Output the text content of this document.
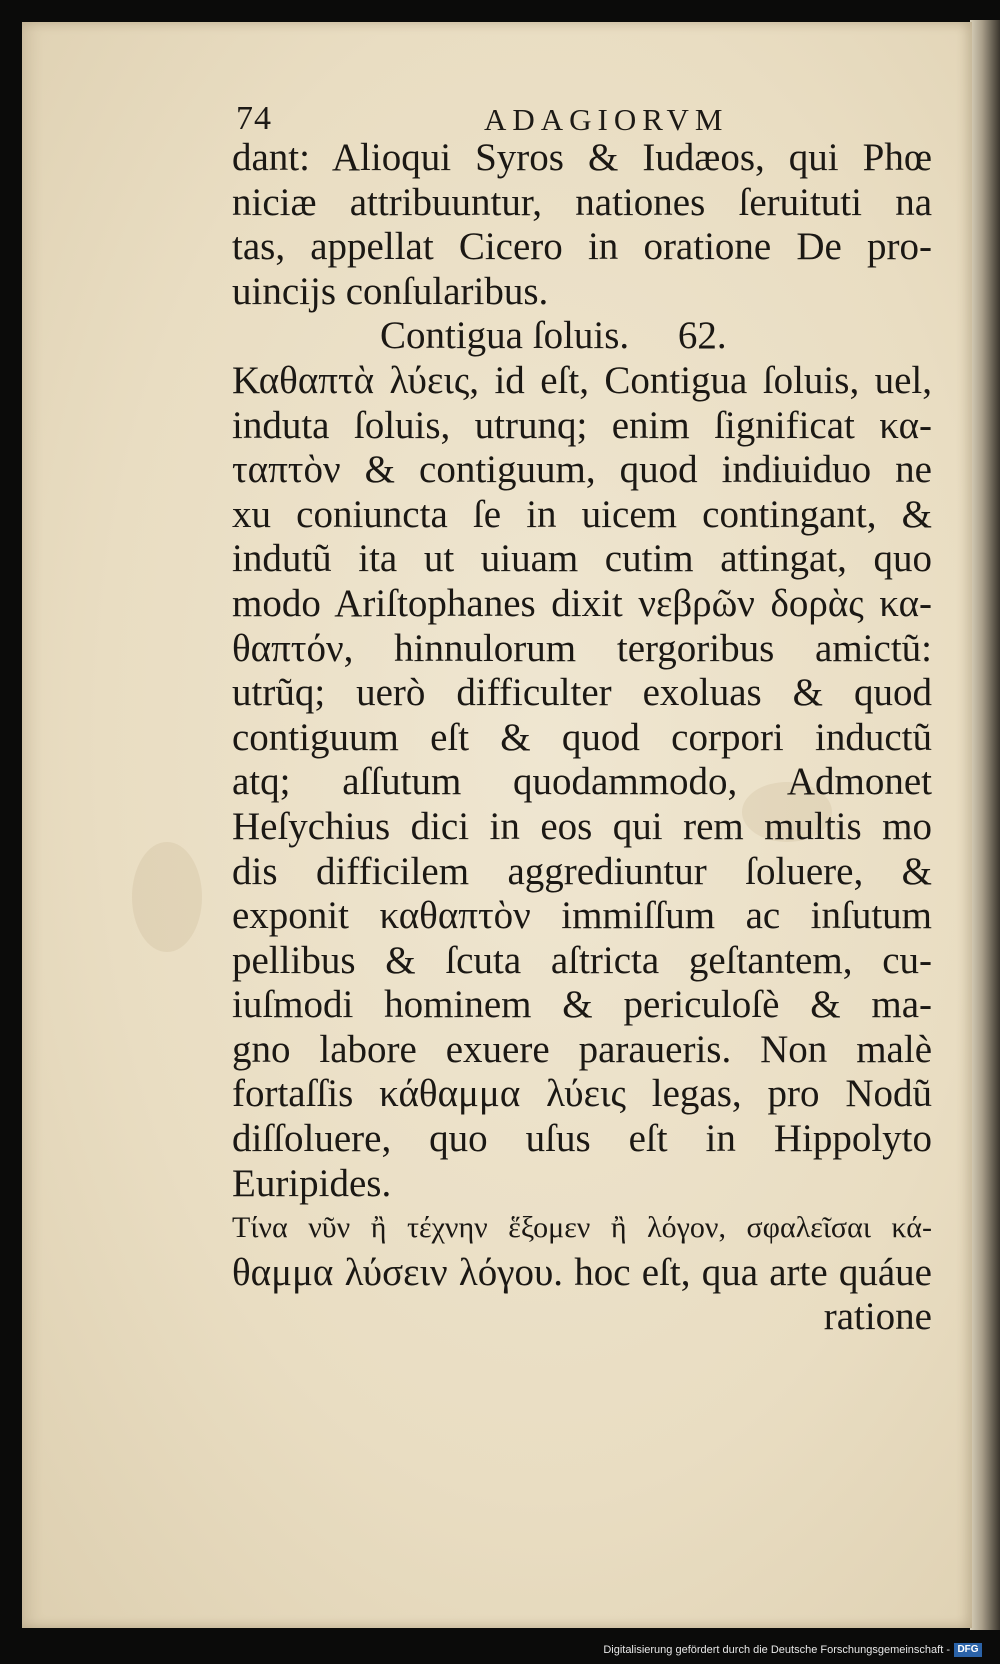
74	ADAGIORVM
dant: Alioqui Syros & Iudæos, qui Phœ
niciæ attribuuntur, nationes ſeruituti na
tas, appellat Cicero in oratione De pro-
uincijs conſularibus.
Contigua ſoluis.     62.
Καθαπτὰ λύεις, id eſt, Contigua ſoluis, uel,
induta ſoluis, utrunq; enim ſignificat κα-
ταπτὸν & contiguum, quod indiuiduo ne
xu coniuncta ſe in uicem contingant, &
indutũ ita ut uiuam cutim attingat, quo
modo Ariſtophanes dixit νεβρῶν δορὰς κα-
θαπτόν, hinnulorum tergoribus amictũ:
utrũq; uerò difficulter exoluas & quod
contiguum eſt & quod corpori inductũ
atq; aſſutum quodammodo, Admonet
Heſychius dici in eos qui rem multis mo
dis difficilem aggrediuntur ſoluere, &
exponit καθαπτὸν immiſſum ac inſutum
pellibus & ſcuta aſtricta geſtantem, cu-
iuſmodi hominem & periculoſè & ma-
gno labore exuere paraueris. Non malè
fortaſſis κάθαμμα λύεις legas, pro Nodũ
diſſoluere, quo uſus eſt in Hippolyto
Euripides.
Τίνα νῦν ἢ τέχνην ἕξομεν ἢ λόγον, σφαλεῖσαι κά-
θαμμα λύσειν λόγου. hoc eſt, qua arte quáue
ratione
Digitalisierung gefördert durch die Deutsche Forschungsgemeinschaft - DFG
